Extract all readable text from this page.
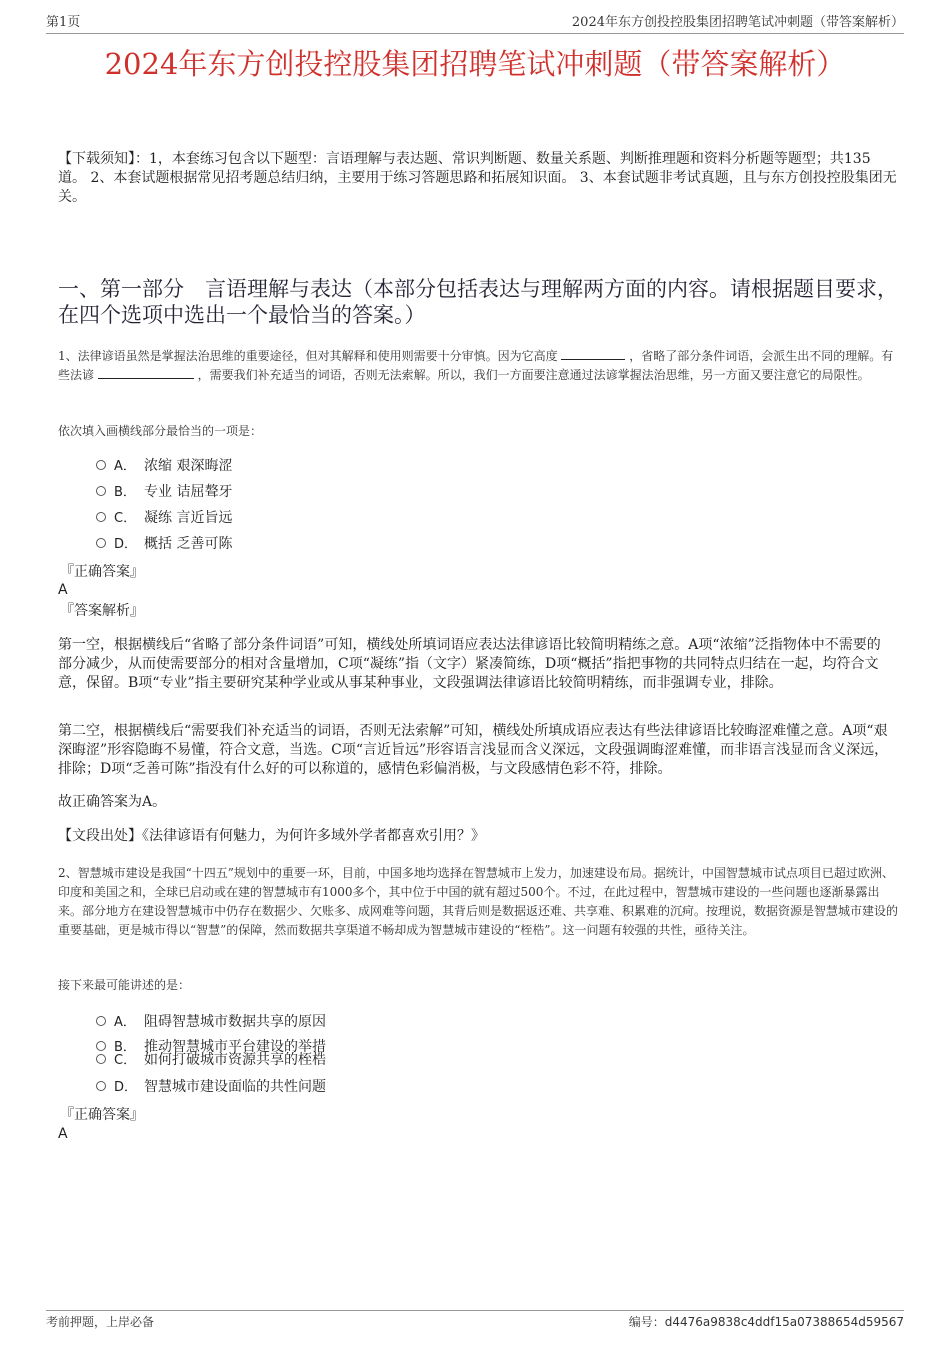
第1页	2024年东方创投控股集团招聘笔试冲刺题（带答案解析）
2024年东方创投控股集团招聘笔试冲刺题（带答案解析）
【下载须知】：1，本套练习包含以下题型：言语理解与表达题、常识判断题、数量关系题、判断推理题和资料分析题等题型；共135道。 2、本套试题根据常见招考题总结归纳，主要用于练习答题思路和拓展知识面。 3、本套试题非考试真题，且与东方创投控股集团无关。
一、第一部分　言语理解与表达（本部分包括表达与理解两方面的内容。请根据题目要求，在四个选项中选出一个最恰当的答案。）
1、法律谚语虽然是掌握法治思维的重要途径，但对其解释和使用则需要十分审慎。因为它高度	，省略了部分条件词语，会派生出不同的理解。有些法谚	，需要我们补充适当的词语，否则无法索解。所以，我们一方面要注意通过法谚掌握法治思维，另一方面又要注意它的局限性。
依次填入画横线部分最恰当的一项是：
A． 浓缩 艰深晦涩
B． 专业 诘屈聱牙
C． 凝练 言近旨远
D． 概括 乏善可陈
『正确答案』
A
『答案解析』
第一空，根据横线后“省略了部分条件词语”可知，横线处所填词语应表达法律谚语比较简明精练之意。A项“浓缩”泛指物体中不需要的部分减少，从而使需要部分的相对含量增加，C项“凝练”指（文字）紧凑简练，D项“概括”指把事物的共同特点归结在一起，均符合文意，保留。B项“专业”指主要研究某种学业或从事某种事业，文段强调法律谚语比较简明精练，而非强调专业，排除。
第二空，根据横线后“需要我们补充适当的词语，否则无法索解”可知，横线处所填成语应表达有些法律谚语比较晦涩难懂之意。A项“艰深晦涩”形容隐晦不易懂，符合文意，当选。C项“言近旨远”形容语言浅显而含义深远，文段强调晦涩难懂，而非语言浅显而含义深远，排除；D项“乏善可陈”指没有什么好的可以称道的，感情色彩偏消极，与文段感情色彩不符，排除。
故正确答案为A。
【文段出处】《法律谚语有何魅力，为何许多域外学者都喜欢引用？》
2、智慧城市建设是我国“十四五”规划中的重要一环，目前，中国多地均选择在智慧城市上发力，加速建设布局。据统计，中国智慧城市试点项目已超过欧洲、印度和美国之和，全球已启动或在建的智慧城市有1000多个，其中位于中国的就有超过500个。不过，在此过程中，智慧城市建设的一些问题也逐渐暴露出来。部分地方在建设智慧城市中仍存在数据少、欠账多、成网难等问题，其背后则是数据返还难、共享难、积累难的沉疴。按理说，数据资源是智慧城市建设的重要基础，更是城市得以“智慧”的保障，然而数据共享渠道不畅却成为智慧城市建设的“桎梏”。这一问题有较强的共性，亟待关注。
接下来最可能讲述的是：
A． 阻碍智慧城市数据共享的原因
B． 推动智慧城市平台建设的举措
C． 如何打破城市资源共享的桎梏
D． 智慧城市建设面临的共性问题
『正确答案』
A
考前押题，上岸必备	编号：d4476a9838c4ddf15a07388654d59567
